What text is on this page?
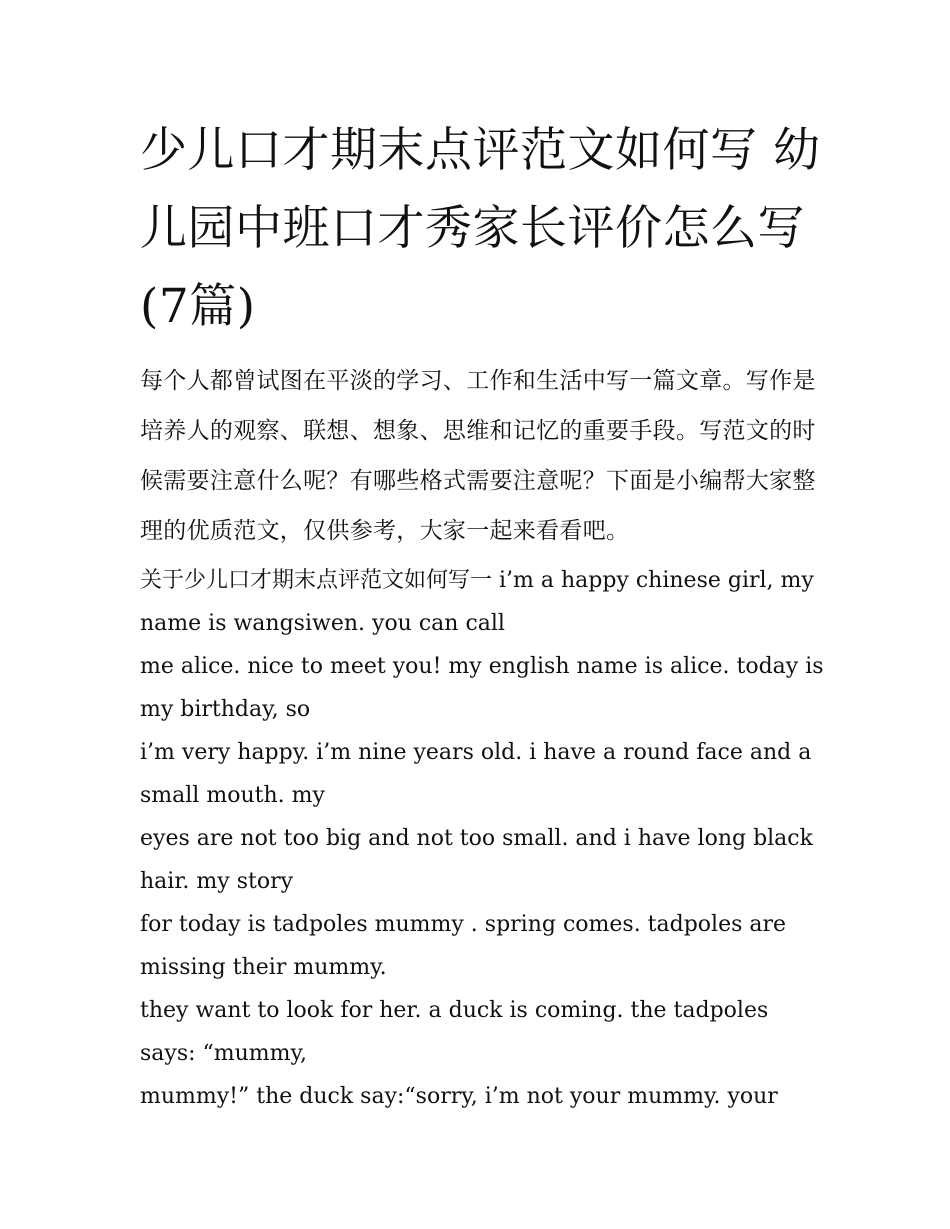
少儿口才期末点评范文如何写 幼儿园中班口才秀家长评价怎么写(7篇)

每个人都曾试图在平淡的学习、工作和生活中写一篇文章。写作是培养人的观察、联想、想象、思维和记忆的重要手段。写范文的时候需要注意什么呢？有哪些格式需要注意呢？下面是小编帮大家整理的优质范文，仅供参考，大家一起来看看吧。

关于少儿口才期末点评范文如何写一 i’m a happy chinese girl, my name is wangsiwen. you can call
me alice. nice to meet you! my english name is alice. today is my birthday, so
i’m very happy. i’m nine years old. i have a round face and a small mouth. my
eyes are not too big and not too small. and i have long black hair. my story
for today is tadpoles mummy . spring comes. tadpoles are missing their mummy.
they want to look for her. a duck is coming. the tadpoles says: “mummy,
mummy!” the duck say:“sorry, i’m not your mummy. your
